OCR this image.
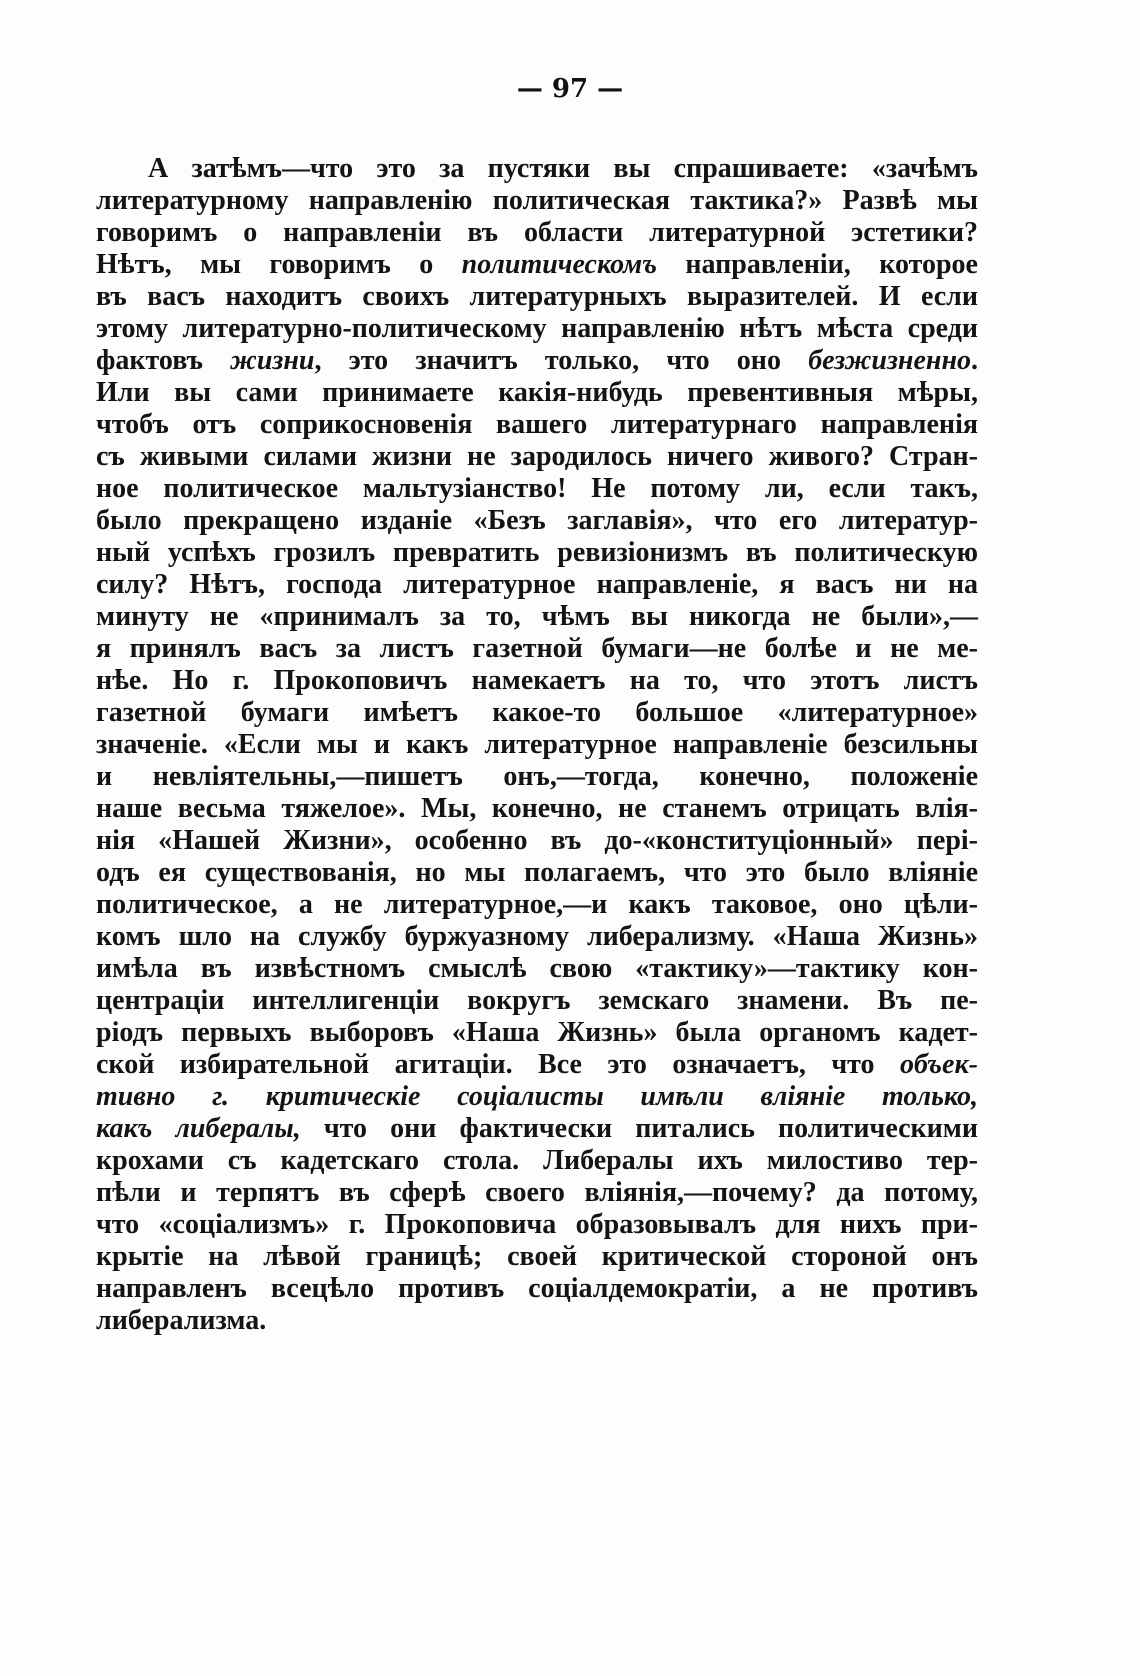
— 97 —
А затѣмъ—что это за пустяки вы спрашиваете: «зачѣмъ
литературному направленію политическая тактика?» Развѣ мы
говоримъ о направленіи въ области литературной эстетики?
Нѣтъ, мы говоримъ о политическомъ направленіи, которое
въ васъ находитъ своихъ литературныхъ выразителей. И если
этому литературно-политическому направленію нѣтъ мѣста среди
фактовъ жизни, это значитъ только, что оно безжизненно.
Или вы сами принимаете какія-нибудь превентивныя мѣры,
чтобъ отъ соприкосновенія вашего литературнаго направленія
съ живыми силами жизни не зародилось ничего живого? Стран-
ное политическое мальтузіанство! Не потому ли, если такъ,
было прекращено изданіе «Безъ заглавія», что его литератур-
ный успѣхъ грозилъ превратить ревизіонизмъ въ политическую
силу? Нѣтъ, господа литературное направленіе, я васъ ни на
минуту не «принималъ за то, чѣмъ вы никогда не были»,—
я принялъ васъ за листъ газетной бумаги—не болѣе и не ме-
нѣе. Но г. Прокоповичъ намекаетъ на то, что этотъ листъ
газетной бумаги имѣетъ какое-то большое «литературное»
значеніе. «Если мы и какъ литературное направленіе безсильны
и невліятельны,—пишетъ онъ,—тогда, конечно, положеніе
наше весьма тяжелое». Мы, конечно, не станемъ отрицать влія-
нія «Нашей Жизни», особенно въ до-«конституціонный» пері-
одъ ея существованія, но мы полагаемъ, что это было вліяніе
политическое, а не литературное,—и какъ таковое, оно цѣли-
комъ шло на службу буржуазному либерализму. «Наша Жизнь»
имѣла въ извѣстномъ смыслѣ свою «тактику»—тактику кон-
центраціи интеллигенціи вокругъ земскаго знамени. Въ пе-
ріодъ первыхъ выборовъ «Наша Жизнь» была органомъ кадет-
ской избирательной агитаціи. Все это означаетъ, что объек-
тивно г. критическіе соціалисты имѣли вліяніе только,
какъ либералы, что они фактически питались политическими
крохами съ кадетскаго стола. Либералы ихъ милостиво тер-
пѣли и терпятъ въ сферѣ своего вліянія,—почему? да потому,
что «соціализмъ» г. Прокоповича образовывалъ для нихъ при-
крытіе на лѣвой границѣ; своей критической стороной онъ
направленъ всецѣло противъ соціалдемократіи, а не противъ
либерализма.
